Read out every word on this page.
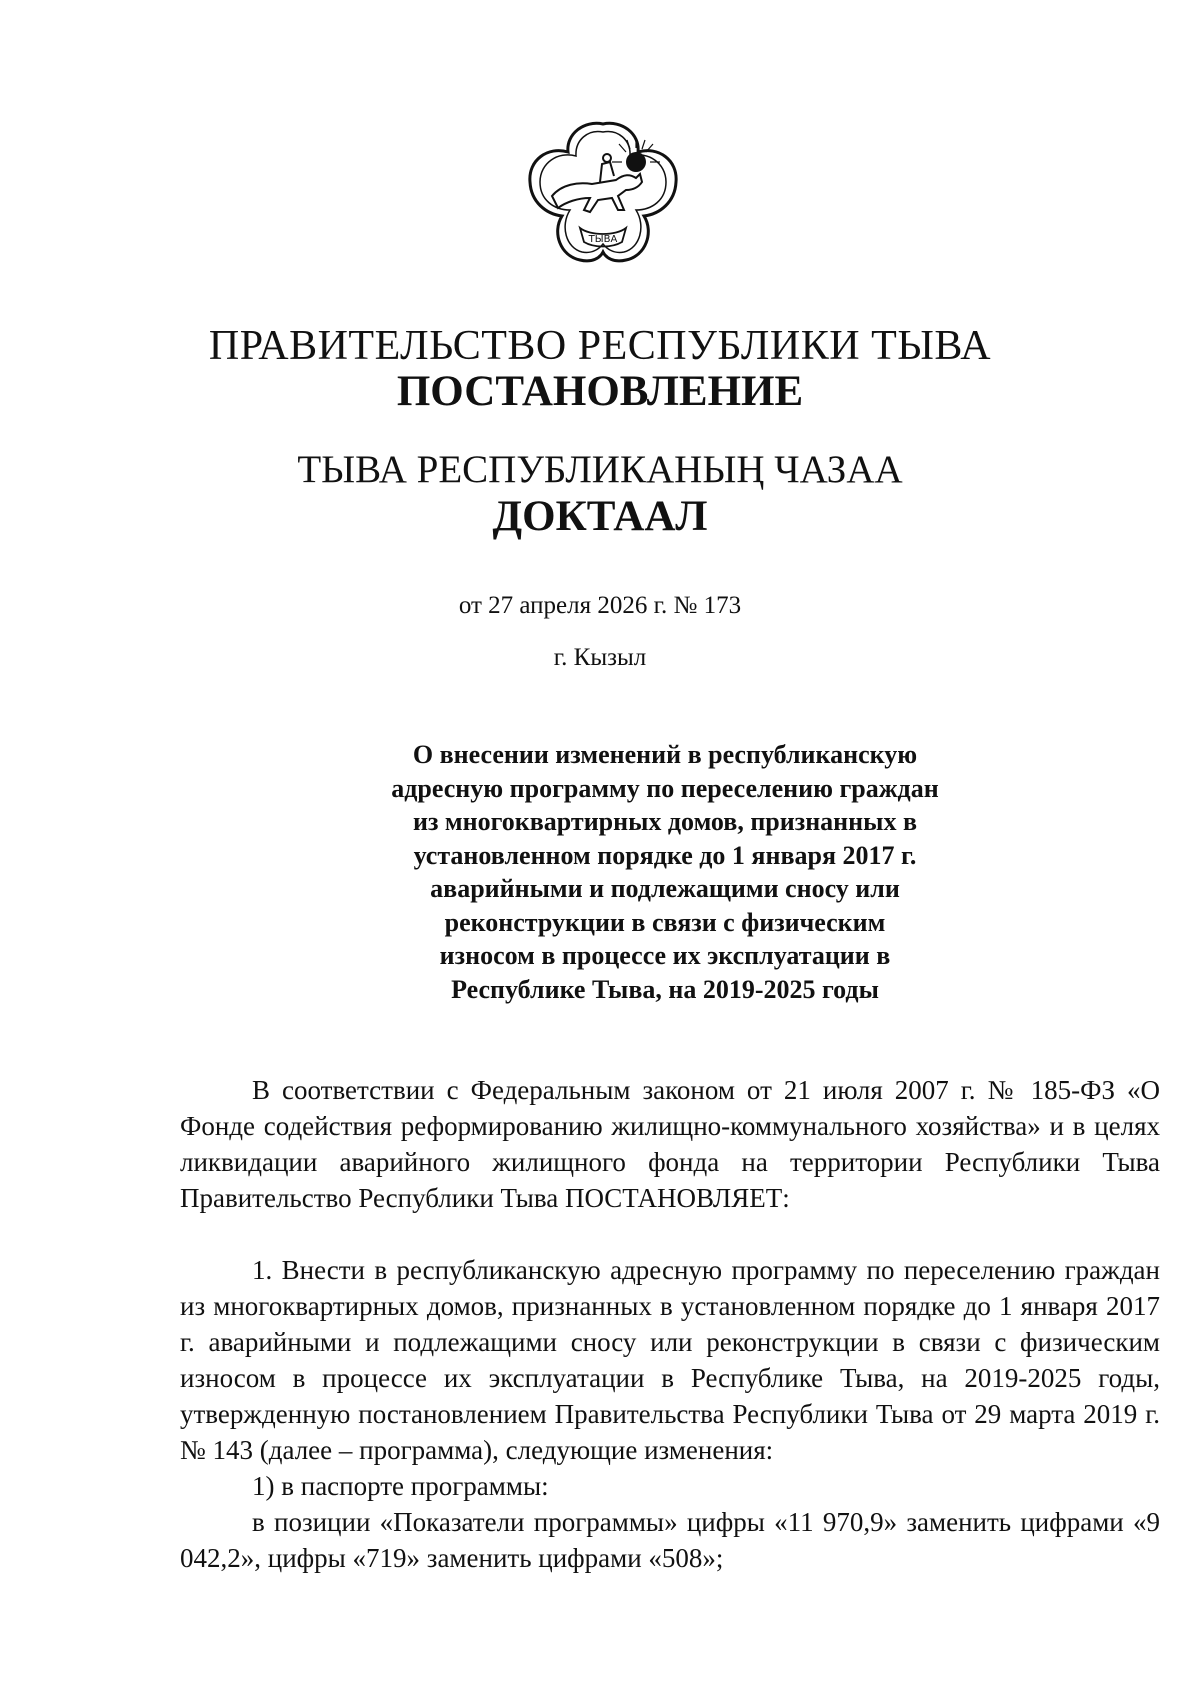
ТЫВА
ПРАВИТЕЛЬСТВО РЕСПУБЛИКИ ТЫВА
ПОСТАНОВЛЕНИЕ
ТЫВА РЕСПУБЛИКАНЫҢ ЧАЗАА
ДОКТААЛ
от 27 апреля 2026 г. № 173
г. Кызыл
О внесении изменений в республиканскую
адресную программу по переселению граждан
из многоквартирных домов, признанных в
установленном порядке до 1 января 2017 г.
аварийными и подлежащими сносу или
реконструкции в связи с физическим
износом в процессе их эксплуатации в
Республике Тыва, на 2019-2025 годы

В соответствии с Федеральным законом от 21 июля 2007 г. № 185-ФЗ «О Фонде содействия реформированию жилищно-коммунального хозяйства» и в целях ликвидации аварийного жилищного фонда на территории Республики Тыва Правительство Республики Тыва ПОСТАНОВЛЯЕТ:

1. Внести в республиканскую адресную программу по переселению граждан из многоквартирных домов, признанных в установленном порядке до 1 января 2017 г. аварийными и подлежащими сносу или реконструкции в связи с физическим износом в процессе их эксплуатации в Республике Тыва, на 2019-2025 годы, утвержденную постановлением Правительства Республики Тыва от 29 марта 2019 г. № 143 (далее – программа), следующие изменения:

1) в паспорте программы:

в позиции «Показатели программы» цифры «11 970,9» заменить цифрами «9 042,2», цифры «719» заменить цифрами «508»;
